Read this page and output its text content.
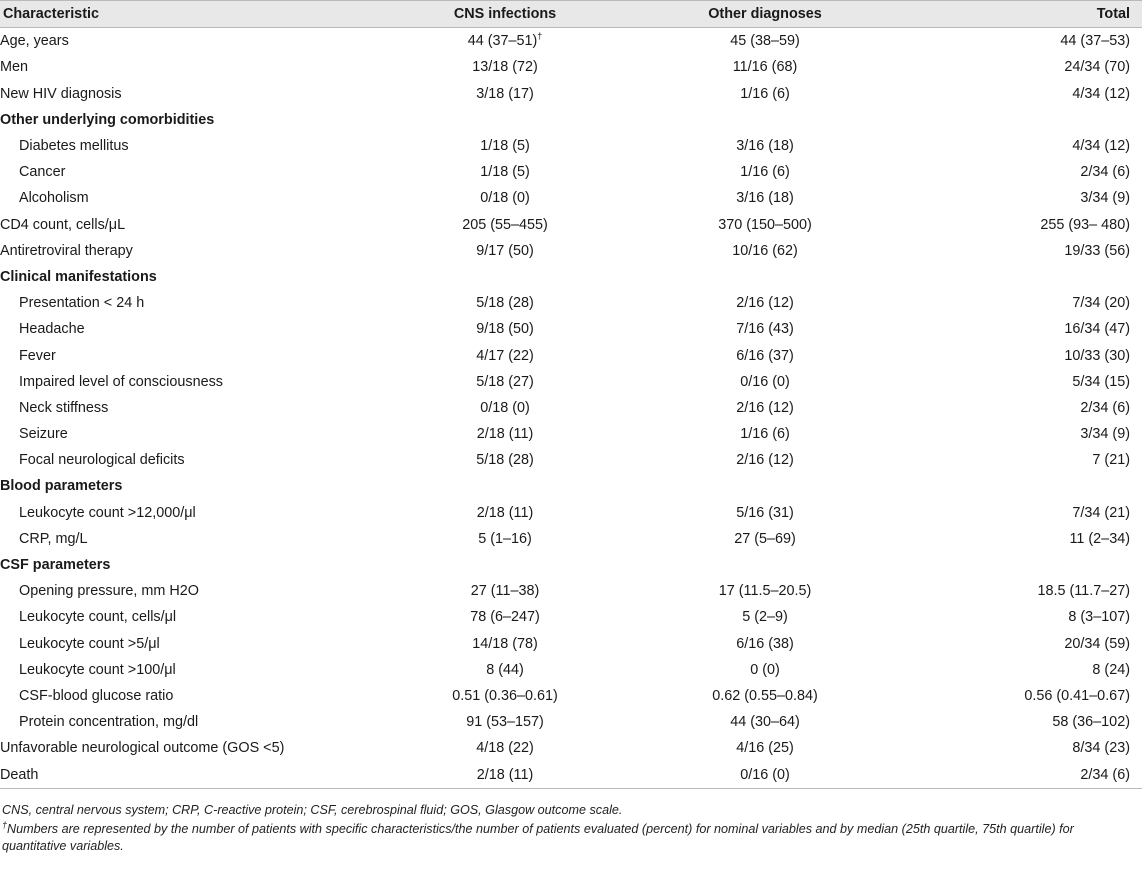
Characteristic	CNS infections	Other diagnoses	Total
Age, years	44 (37–51)†	45 (38–59)	44 (37–53)
Men	13/18 (72)	11/16 (68)	24/34 (70)
New HIV diagnosis	3/18 (17)	1/16 (6)	4/34 (12)
Other underlying comorbidities			
Diabetes mellitus	1/18 (5)	3/16 (18)	4/34 (12)
Cancer	1/18 (5)	1/16 (6)	2/34 (6)
Alcoholism	0/18 (0)	3/16 (18)	3/34 (9)
CD4 count, cells/μL	205 (55–455)	370 (150–500)	255 (93– 480)
Antiretroviral therapy	9/17 (50)	10/16 (62)	19/33 (56)
Clinical manifestations			
Presentation < 24 h	5/18 (28)	2/16 (12)	7/34 (20)
Headache	9/18 (50)	7/16 (43)	16/34 (47)
Fever	4/17 (22)	6/16 (37)	10/33 (30)
Impaired level of consciousness	5/18 (27)	0/16 (0)	5/34 (15)
Neck stiffness	0/18 (0)	2/16 (12)	2/34 (6)
Seizure	2/18 (11)	1/16 (6)	3/34 (9)
Focal neurological deficits	5/18 (28)	2/16 (12)	7 (21)
Blood parameters			
Leukocyte count >12,000/μl	2/18 (11)	5/16 (31)	7/34 (21)
CRP, mg/L	5 (1–16)	27 (5–69)	11 (2–34)
CSF parameters			
Opening pressure, mm H2O	27 (11–38)	17 (11.5–20.5)	18.5 (11.7–27)
Leukocyte count, cells/μl	78 (6–247)	5 (2–9)	8 (3–107)
Leukocyte count >5/μl	14/18 (78)	6/16 (38)	20/34 (59)
Leukocyte count >100/μl	8 (44)	0 (0)	8 (24)
CSF-blood glucose ratio	0.51 (0.36–0.61)	0.62 (0.55–0.84)	0.56 (0.41–0.67)
Protein concentration, mg/dl	91 (53–157)	44 (30–64)	58 (36–102)
Unfavorable neurological outcome (GOS <5)	4/18 (22)	4/16 (25)	8/34 (23)
Death	2/18 (11)	0/16 (0)	2/34 (6)

CNS, central nervous system; CRP, C-reactive protein; CSF, cerebrospinal fluid; GOS, Glasgow outcome scale.

†Numbers are represented by the number of patients with specific characteristics/the number of patients evaluated (percent) for nominal variables and by median (25th quartile, 75th quartile) for quantitative variables.
